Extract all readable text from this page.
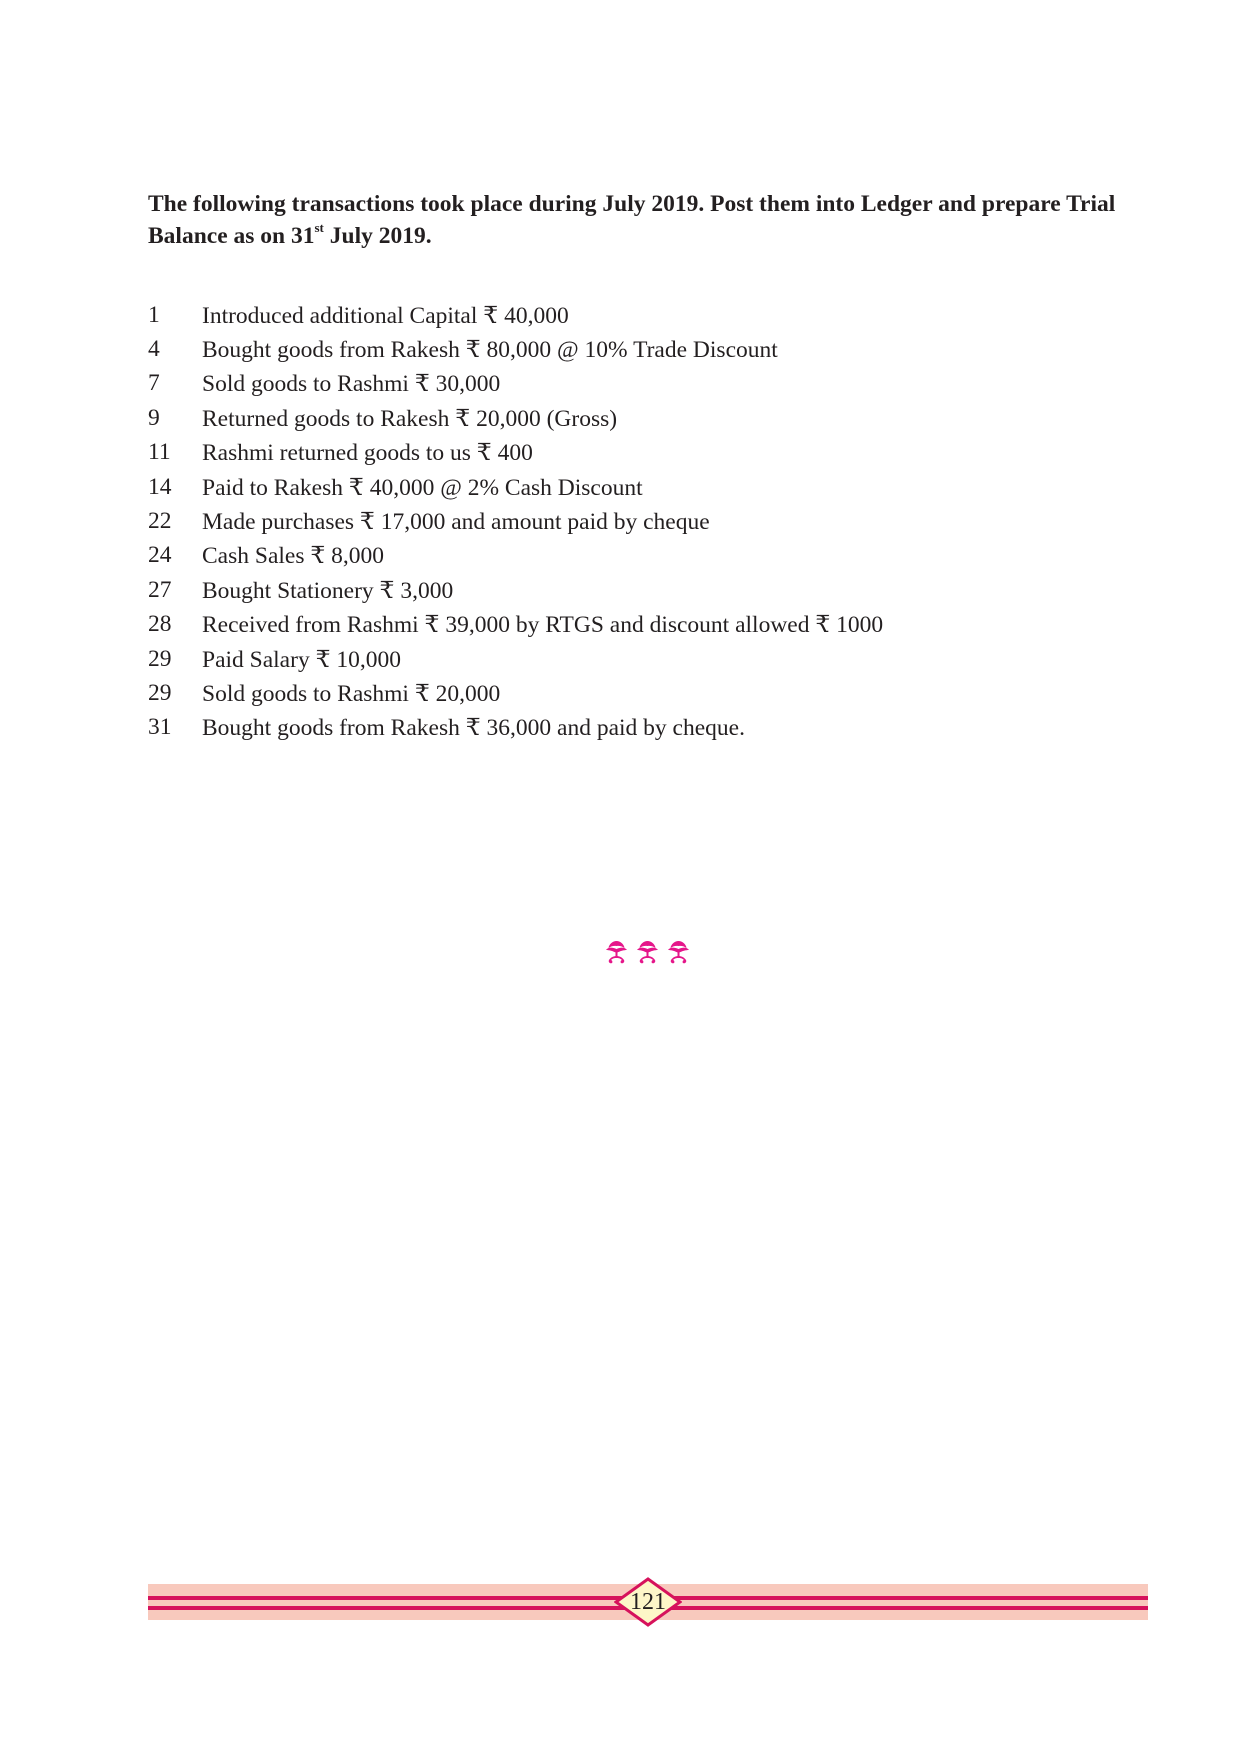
The following transactions took place during July 2019. Post them into Ledger and prepare Trial Balance as on 31st July 2019.
1	Introduced additional Capital ₹ 40,000
4	Bought goods from Rakesh ₹ 80,000 @ 10% Trade Discount
7	Sold goods to Rashmi ₹ 30,000
9	Returned goods to Rakesh ₹ 20,000 (Gross)
11	Rashmi returned goods to us ₹ 400
14	Paid to Rakesh ₹ 40,000 @ 2% Cash Discount
22	Made purchases ₹ 17,000 and amount paid by cheque
24	Cash Sales ₹ 8,000
27	Bought Stationery ₹ 3,000
28	Received from Rashmi ₹ 39,000 by RTGS and discount allowed ₹ 1000
29	Paid Salary ₹ 10,000
29	Sold goods to Rashmi ₹ 20,000
31	Bought goods from Rakesh ₹ 36,000 and paid by cheque.
121
